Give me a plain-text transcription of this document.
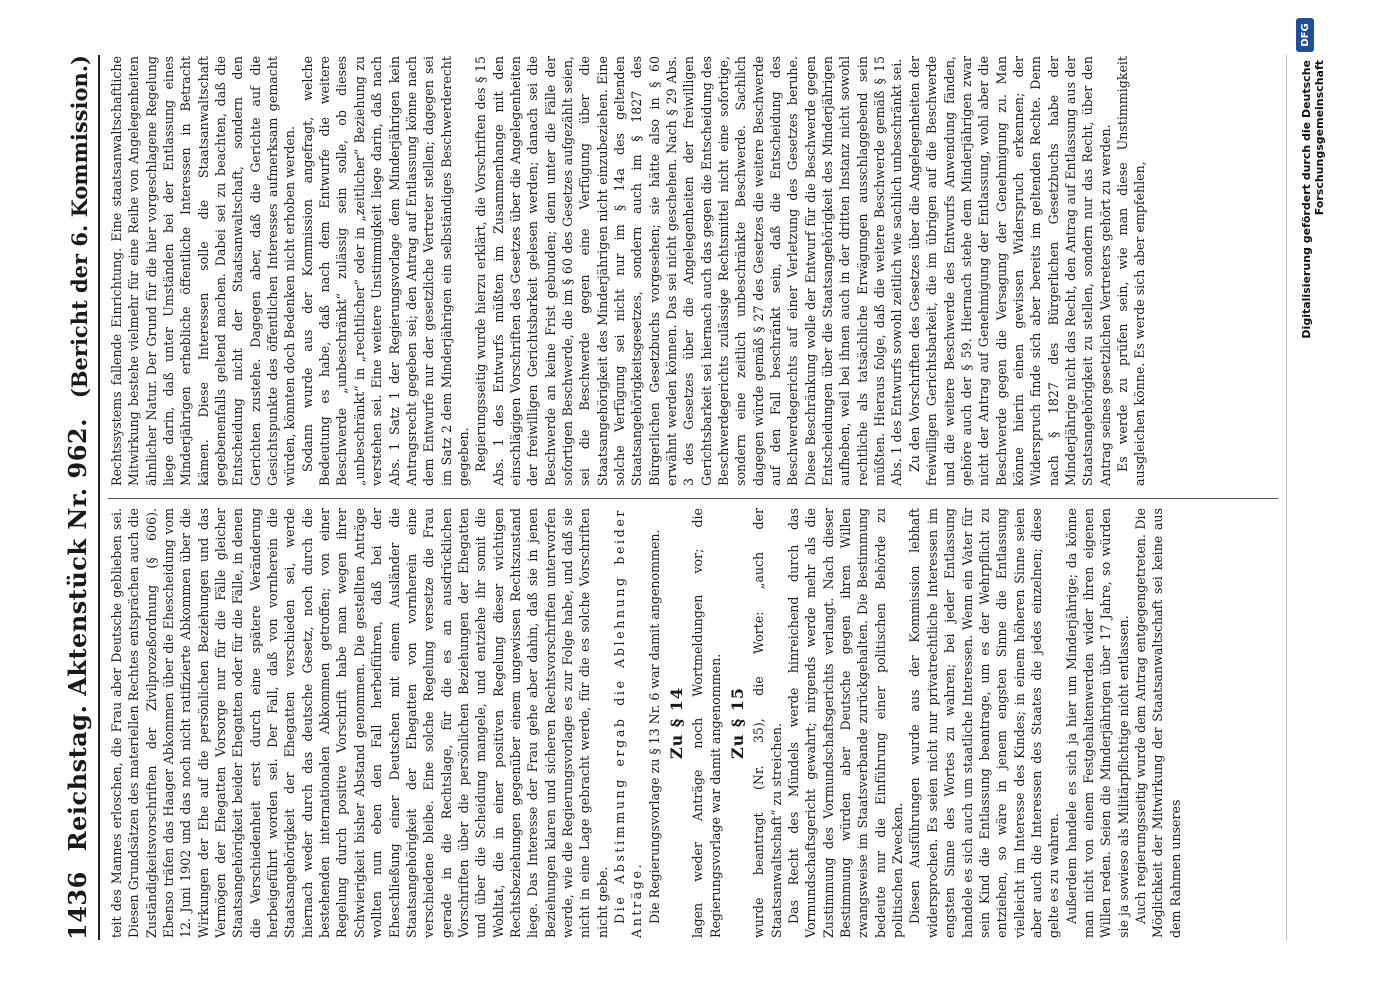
1436
Reichstag. Aktenstück Nr. 962.
(Bericht der 6. Kommission.)

teit des Mannes erloschen, die Frau aber Deutsche geblieben sei. Diesen Grundsätzen des materiellen Rechtes entsprächen auch die Zuständigkeitsvorschriften der Zivilprozeßordnung (§ 606). Ebenso träfen das Haager Abkommen über die Ehescheidung vom 12. Juni 1902 und das noch nicht ratifizierte Abkommen über die Wirkungen der Ehe auf die persönlichen Beziehungen und das Vermögen der Ehegatten Vorsorge nur für die Fälle gleicher Staatsangehörigkeit beider Ehegatten oder für die Fälle, in denen die Verschiedenheit erst durch eine spätere Veränderung herbeigeführt worden sei. Der Fall, daß von vornherein die Staatsangehörigkeit der Ehegatten verschieden sei, werde hiernach weder durch das deutsche Gesetz, noch durch die bestehenden internationalen Abkommen getroffen; von einer Regelung durch positive Vorschrift habe man wegen ihrer Schwierigkeit bisher Abstand genommen. Die gestellten Anträge wollten nun eben den Fall herbeiführen, daß bei der Eheschließung einer Deutschen mit einem Ausländer die Staatsangehörigkeit der Ehegatten von vornherein eine verschiedene bleibe. Eine solche Regelung versetze die Frau gerade in die Rechtslage, für die es an ausdrücklichen Vorschriften über die persönlichen Beziehungen der Ehegatten und über die Scheidung mangele, und entziehe ihr somit die Wohltat, die in einer positiven Regelung dieser wichtigen Rechtsbeziehungen gegenüber einem ungewissen Rechtszustand liege. Das Interesse der Frau gehe aber dahin, daß sie in jenen Beziehungen klaren und sicheren Rechtsvorschriften unterworfen werde, wie die Regierungsvorlage es zur Folge habe, und daß sie nicht in eine Lage gebracht werde, für die es solche Vorschriften nicht gebe. Die Abstimmung ergab die Ablehnung beider Anträge. Die Regierungsvorlage zu § 13 Nr. 6 war damit angenommen. Zu § 14 lagen weder Anträge noch Wortmeldungen vor; die Regierungsvorlage war damit angenommen. Zu § 15 wurde beantragt (Nr. 35), die Worte: „auch der Staatsanwaltschaft“ zu streichen. Das Recht des Mündels werde hinreichend durch das Vormundschaftsgericht gewahrt; nirgends werde mehr als die Zustimmung des Vormundschaftsgerichts verlangt. Nach dieser Bestimmung würden aber Deutsche gegen ihren Willen zwangsweise im Staatsverbande zurückgehalten. Die Bestimmung bedeute nur die Einführung einer politischen Behörde zu politischen Zwecken. Diesen Ausführungen wurde aus der Kommission lebhaft widersprochen. Es seien nicht nur privatrechtliche Interessen im engsten Sinne des Wortes zu wahren; bei jeder Entlassung handele es sich auch um staatliche Interessen. Wenn ein Vater für sein Kind die Entlassung beantrage, um es der Wehrpflicht zu entziehen, so wäre in jenem engsten Sinne die Entlassung vielleicht im Interesse des Kindes; in einem höheren Sinne seien aber auch die Interessen des Staates die jedes einzelnen; diese gelte es zu wahren. Außerdem handele es sich ja hier um Minderjährige; da könne man nicht von einem Festgehaltenwerden wider ihren eigenen Willen reden. Seien die Minderjährigen über 17 Jahre, so würden sie ja sowieso als Militärpflichtige nicht entlassen. Auch regierungsseitig wurde dem Antrag entgegengetreten. Die Möglichkeit der Mitwirkung der Staatsanwaltschaft sei keine aus dem Rahmen unseres

Rechtssystems fallende Einrichtung. Eine staatsanwaltschaftliche Mitwirkung bestehe vielmehr für eine Reihe von Angelegenheiten ähnlicher Natur. Der Grund für die hier vorgeschlagene Regelung liege darin, daß unter Umständen bei der Entlassung eines Minderjährigen erhebliche öffentliche Interessen in Betracht kämen. Diese Interessen solle die Staatsanwaltschaft gegebenenfalls geltend machen. Dabei sei zu beachten, daß die Entscheidung nicht der Staatsanwaltschaft, sondern den Gerichten zustehe. Dagegen aber, daß die Gerichte auf die Gesichtspunkte des öffentlichen Interesses aufmerksam gemacht würden, könnten doch Bedenken nicht erhoben werden. Sodann wurde aus der Kommission angefragt, welche Bedeutung es habe, daß nach dem Entwurfe die weitere Beschwerde „unbeschränkt“ zulässig sein solle, ob dieses „unbeschränkt“ in „rechtlicher“ oder in „zeitlicher“ Beziehung zu verstehen sei. Eine weitere Unstimmigkeit liege darin, daß nach Abs. 1 Satz 1 der Regierungsvorlage dem Minderjährigen kein Antragsrecht gegeben sei; den Antrag auf Entlassung könne nach dem Entwurfe nur der gesetzliche Vertreter stellen; dagegen sei im Satz 2 dem Minderjährigen ein selbständiges Beschwerderecht gegeben. Regierungsseitig wurde hierzu erklärt, die Vorschriften des § 15 Abs. 1 des Entwurfs müßten im Zusammenhange mit den einschlägigen Vorschriften des Gesetzes über die Angelegenheiten der freiwilligen Gerichtsbarkeit gelesen werden; danach sei die Beschwerde an keine Frist gebunden; denn unter die Fälle der sofortigen Beschwerde, die im § 60 des Gesetzes aufgezählt seien, sei die Beschwerde gegen eine Verfügung über die Staatsangehörigkeit des Minderjährigen nicht einzubeziehen. Eine solche Verfügung sei nicht nur im § 14a des geltenden Staatsangehörigkeitsgesetzes, sondern auch im § 1827 des Bürgerlichen Gesetzbuchs vorgesehen; sie hätte also in § 60 erwähnt werden können. Das sei nicht geschehen. Nach § 29 Abs. 3 des Gesetzes über die Angelegenheiten der freiwilligen Gerichtsbarkeit sei hiernach auch das gegen die Entscheidung des Beschwerdegerichts zulässige Rechtsmittel nicht eine sofortige, sondern eine zeitlich unbeschränkte Beschwerde. Sachlich dagegen würde gemäß § 27 des Gesetzes die weitere Beschwerde auf den Fall beschränkt sein, daß die Entscheidung des Beschwerdegerichts auf einer Verletzung des Gesetzes beruhe. Diese Beschränkung wolle der Entwurf für die Beschwerde gegen Entscheidungen über die Staatsangehörigkeit des Minderjährigen aufheben, weil bei ihnen auch in der dritten Instanz nicht sowohl rechtliche als tatsächliche Erwägungen ausschlaggebend sein müßten. Hieraus folge, daß die weitere Beschwerde gemäß § 15 Abs. 1 des Entwurfs sowohl zeitlich wie sachlich unbeschränkt sei. Zu den Vorschriften des Gesetzes über die Angelegenheiten der freiwilligen Gerichtsbarkeit, die im übrigen auf die Beschwerde und die weitere Beschwerde des Entwurfs Anwendung fänden, gehöre auch der § 59. Hiernach stehe dem Minderjährigen zwar nicht der Antrag auf Genehmigung der Entlassung, wohl aber die Beschwerde gegen die Versagung der Genehmigung zu. Man könne hierin einen gewissen Widerspruch erkennen; der Widerspruch finde sich aber bereits im geltenden Rechte. Denn nach § 1827 des Bürgerlichen Gesetzbuchs habe der Minderjährige nicht das Recht, den Antrag auf Entlassung aus der Staatsangehörigkeit zu stellen, sondern nur das Recht, über den Antrag seines gesetzlichen Vertreters gehört zu werden. Es werde zu prüfen sein, wie man diese Unstimmigkeit ausgleichen könne. Es werde sich aber empfehlen,	Digitalisierung gefördert durch die Deutsche Forschungsgemeinschaft
DFG
